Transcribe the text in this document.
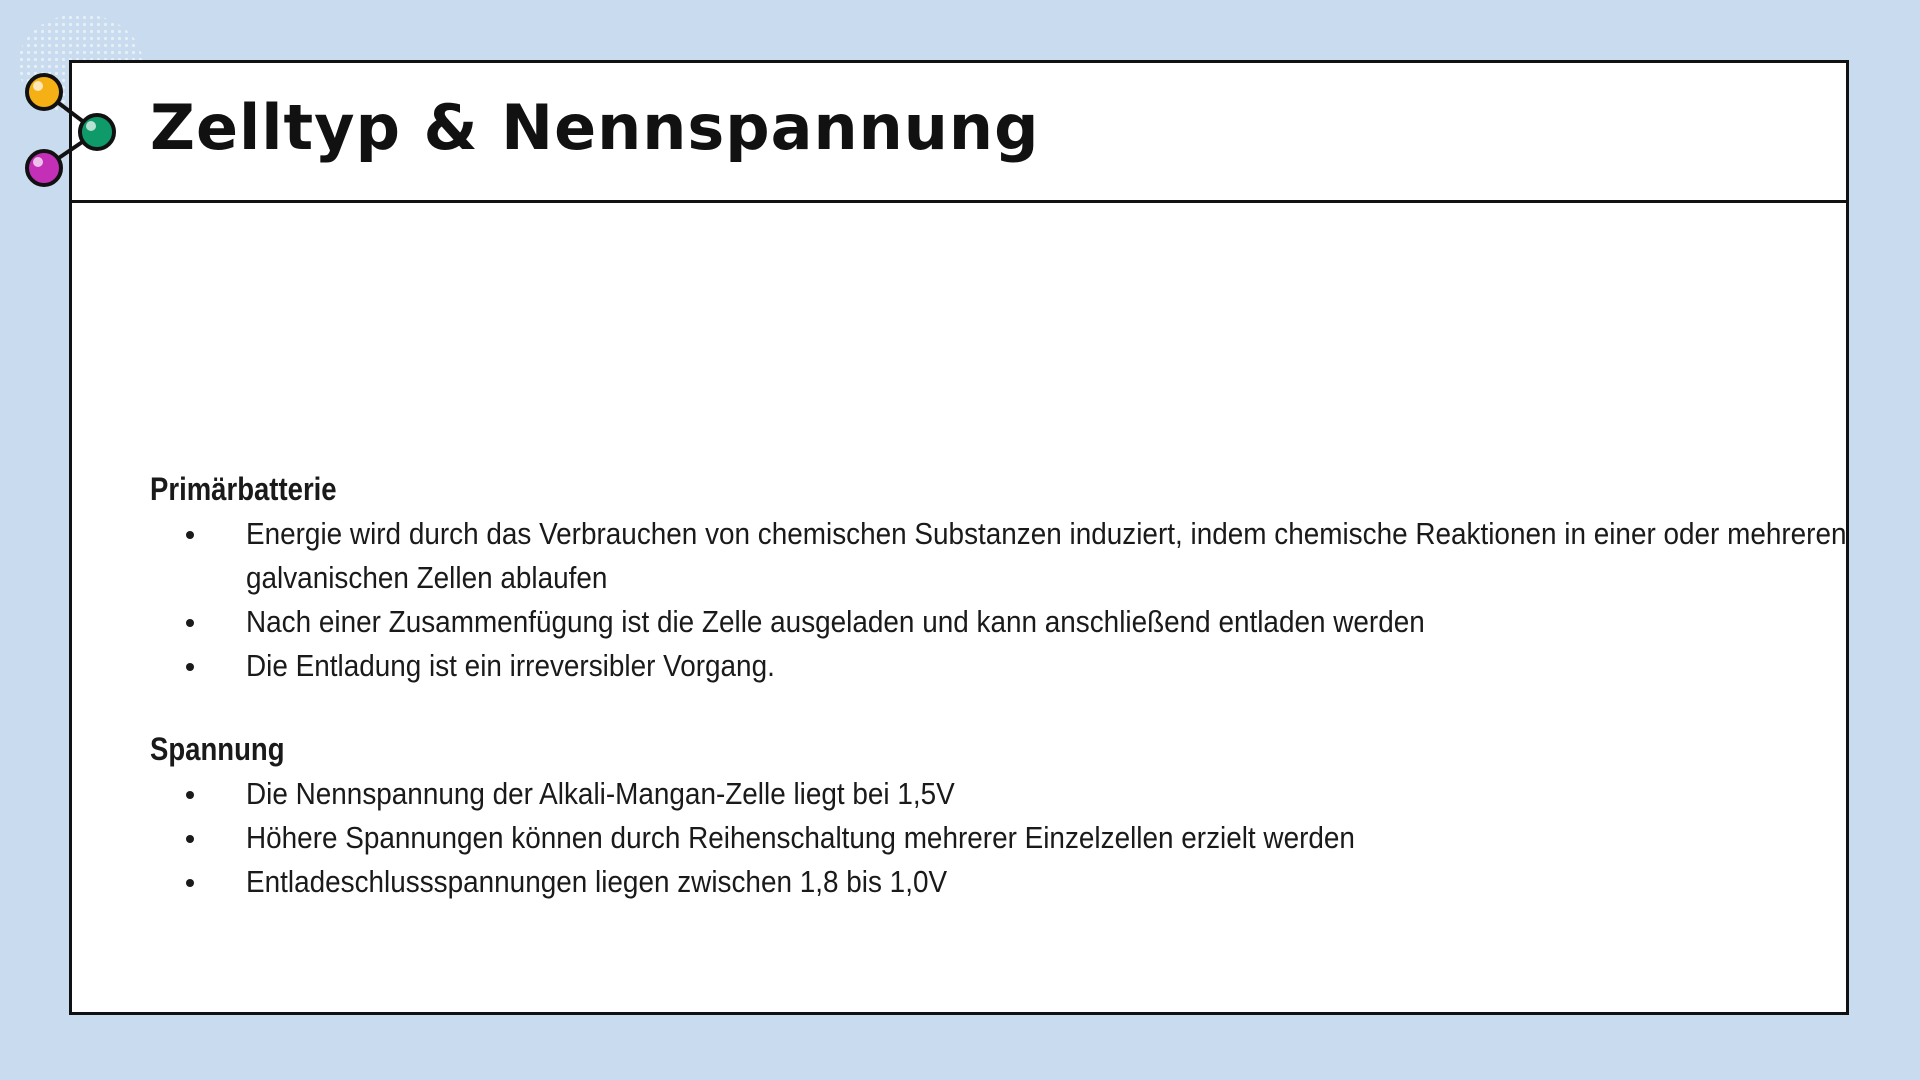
Zelltyp & Nennspannung

Primärbatterie

Energie wird durch das Verbrauchen von chemischen Substanzen induziert, indem chemische Reaktionen in einer oder mehreren galvanischen Zellen ablaufen
Nach einer Zusammenfügung ist die Zelle ausgeladen und kann anschließend entladen werden
Die Entladung ist ein irreversibler Vorgang.

Spannung

Die Nennspannung der Alkali-Mangan-Zelle liegt bei 1,5V
Höhere Spannungen können durch Reihenschaltung mehrerer Einzelzellen erzielt werden
Entladeschlussspannungen liegen zwischen 1,8 bis 1,0V
